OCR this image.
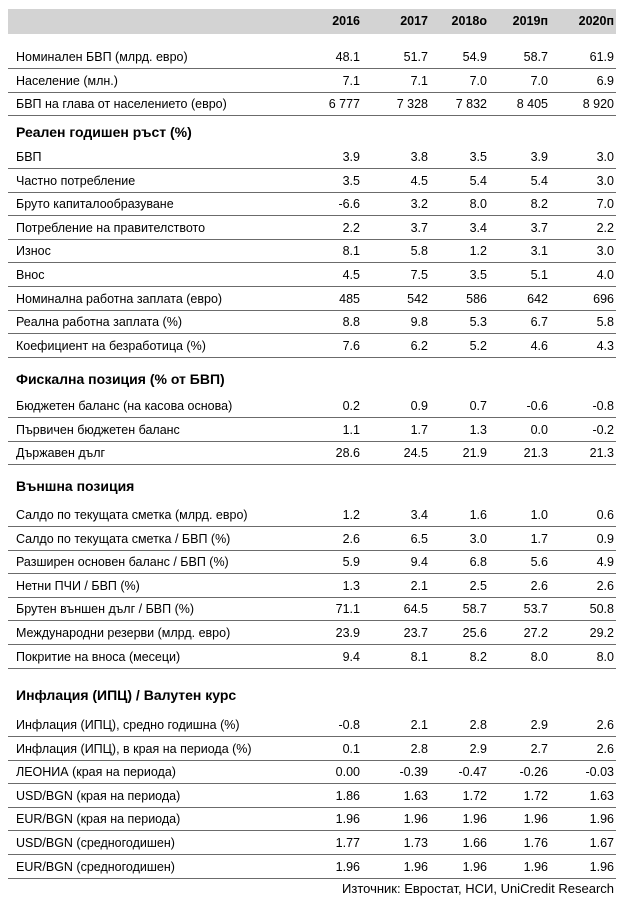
2016	2017	2018о	2019п	2020п
Номинален БВП (млрд. евро)	48.1	51.7	54.9	58.7	61.9
Население (млн.)	7.1	7.1	7.0	7.0	6.9
БВП на глава от населението (евро)	6 777	7 328	7 832	8 405	8 920
Реален годишен ръст (%)
БВП	3.9	3.8	3.5	3.9	3.0
Частно потребление	3.5	4.5	5.4	5.4	3.0
Бруто капиталообразуване	-6.6	3.2	8.0	8.2	7.0
Потребление на правителството	2.2	3.7	3.4	3.7	2.2
Износ	8.1	5.8	1.2	3.1	3.0
Внос	4.5	7.5	3.5	5.1	4.0
Номинална работна заплата (евро)	485	542	586	642	696
Реална работна заплата (%)	8.8	9.8	5.3	6.7	5.8
Коефициент на безработица (%)	7.6	6.2	5.2	4.6	4.3
Фискална позиция (% от БВП)
Бюджетен баланс (на касова основа)	0.2	0.9	0.7	-0.6	-0.8
Първичен бюджетен баланс	1.1	1.7	1.3	0.0	-0.2
Държавен дълг	28.6	24.5	21.9	21.3	21.3
Външна позиция
Салдо по текущата сметка (млрд. евро)	1.2	3.4	1.6	1.0	0.6
Салдо по текущата сметка / БВП (%)	2.6	6.5	3.0	1.7	0.9
Разширен основен баланс / БВП (%)	5.9	9.4	6.8	5.6	4.9
Нетни ПЧИ / БВП (%)	1.3	2.1	2.5	2.6	2.6
Брутен външен дълг / БВП (%)	71.1	64.5	58.7	53.7	50.8
Международни резерви (млрд. евро)	23.9	23.7	25.6	27.2	29.2
Покритие на вноса (месеци)	9.4	8.1	8.2	8.0	8.0
Инфлация (ИПЦ) / Валутен курс
Инфлация (ИПЦ), средно годишна (%)	-0.8	2.1	2.8	2.9	2.6
Инфлация (ИПЦ), в края на периода (%)	0.1	2.8	2.9	2.7	2.6
ЛЕОНИА (края на периода)	0.00	-0.39	-0.47	-0.26	-0.03
USD/BGN (края на периода)	1.86	1.63	1.72	1.72	1.63
EUR/BGN (края на периода)	1.96	1.96	1.96	1.96	1.96
USD/BGN (средногодишен)	1.77	1.73	1.66	1.76	1.67
EUR/BGN (средногодишен)	1.96	1.96	1.96	1.96	1.96
Източник: Евростат, НСИ, UniCredit Research
